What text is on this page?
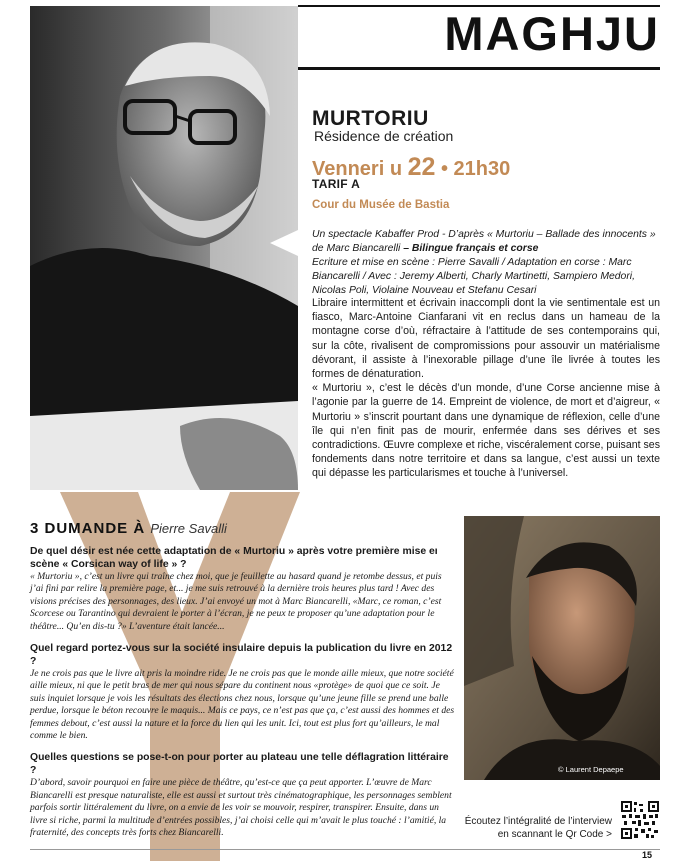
MAGHJU
MURTORIU
Résidence de création
Venneri u 22 • 21h30
TARIF A
Cour du Musée de Bastia

Un spectacle Kabaffer Prod - D’après « Murtoriu – Ballade des innocents » de Marc Biancarelli – Bilingue français et corse

Ecriture et mise en scène : Pierre Savalli / Adaptation en corse : Marc Biancarelli / Avec : Jeremy Alberti, Charly Martinetti, Sampiero Medori, Nicolas Poli, Violaine Nouveau et Stefanu Cesari

Libraire intermittent et écrivain inaccompli dont la vie sentimentale est un fiasco, Marc-Antoine Cianfarani vit en reclus dans un hameau de la montagne corse d’où, réfractaire à l’attitude de ses contemporains qui, sur la côte, rivalisent de compromissions pour assouvir un matérialisme dévorant, il assiste à l’inexorable pillage d’une île livrée à toutes les formes de dénaturation.

« Murtoriu », c’est le décès d’un monde, d’une Corse ancienne mise à l’agonie par la guerre de 14. Empreint de violence, de mort et d’aigreur, « Murtoriu » s’inscrit pourtant dans une dynamique de réflexion, celle d’une île qui n’en finit pas de mourir, enfermée dans ses dérives et ses contradictions. Œuvre complexe et riche, viscéralement corse, puisant ses fondements dans notre territoire et dans sa langue, c’est aussi un texte qui dépasse les particularismes et touche à l’universel.

3 DUMANDE À Pierre Savalli

De quel désir est née cette adaptation de « Murtoriu » après votre première mise en scène « Corsican way of life » ?

« Murtoriu », c’est un livre qui traîne chez moi, que je feuillette au hasard quand je retombe dessus, et puis j’ai fini par relire la première page, et... je me suis retrouvé à la dernière trois heures plus tard ! Avec des visions précises des personnages, des lieux. J’ai envoyé un mot à Marc Biancarelli, «Marc, ce roman, c’est Scorcese ou Tarantino qui devraient le porter à l’écran, je ne peux te proposer qu’une adaptation pour le théâtre... Qu’en dis-tu ?» L’aventure était lancée...

Quel regard portez-vous sur la société insulaire depuis la publication du livre en 2012 ?

Je ne crois pas que le livre ait pris la moindre ride. Je ne crois pas que le monde aille mieux, que notre société aille mieux, ni que le petit bras de mer qui nous sépare du continent nous «protège» de quoi que ce soit. Je suis inquiet lorsque je vois les résultats des élections chez nous, lorsque qu’une jeune fille se prend une balle perdue, lorsque le béton recouvre le maquis... Mais ce pays, ce n’est pas que ça, c’est aussi des hommes et des femmes debout, c’est aussi la nature et la force du lien qui les unit. Ici, tout est plus fort qu’ailleurs, le mal comme le bien.

Quelles questions se pose-t-on pour porter au plateau une telle déflagration littéraire ?

D’abord, savoir pourquoi en faire une pièce de théâtre, qu’est-ce que ça peut apporter. L’œuvre de Marc Biancarelli est presque naturaliste, elle est aussi et surtout très cinématographique, les personnages semblent parfois sortir littéralement du livre, on a envie de les voir se mouvoir, respirer, transpirer. Ensuite, dans un livre si riche, parmi la multitude d’entrées possibles, j’ai choisi celle qui m’avait le plus touché : l’amitié, la fraternité, des concepts très forts chez Biancarelli.

© Laurent Depaepe
Écoutez l’intégralité de l’interview
en scannant le Qr Code >
15
